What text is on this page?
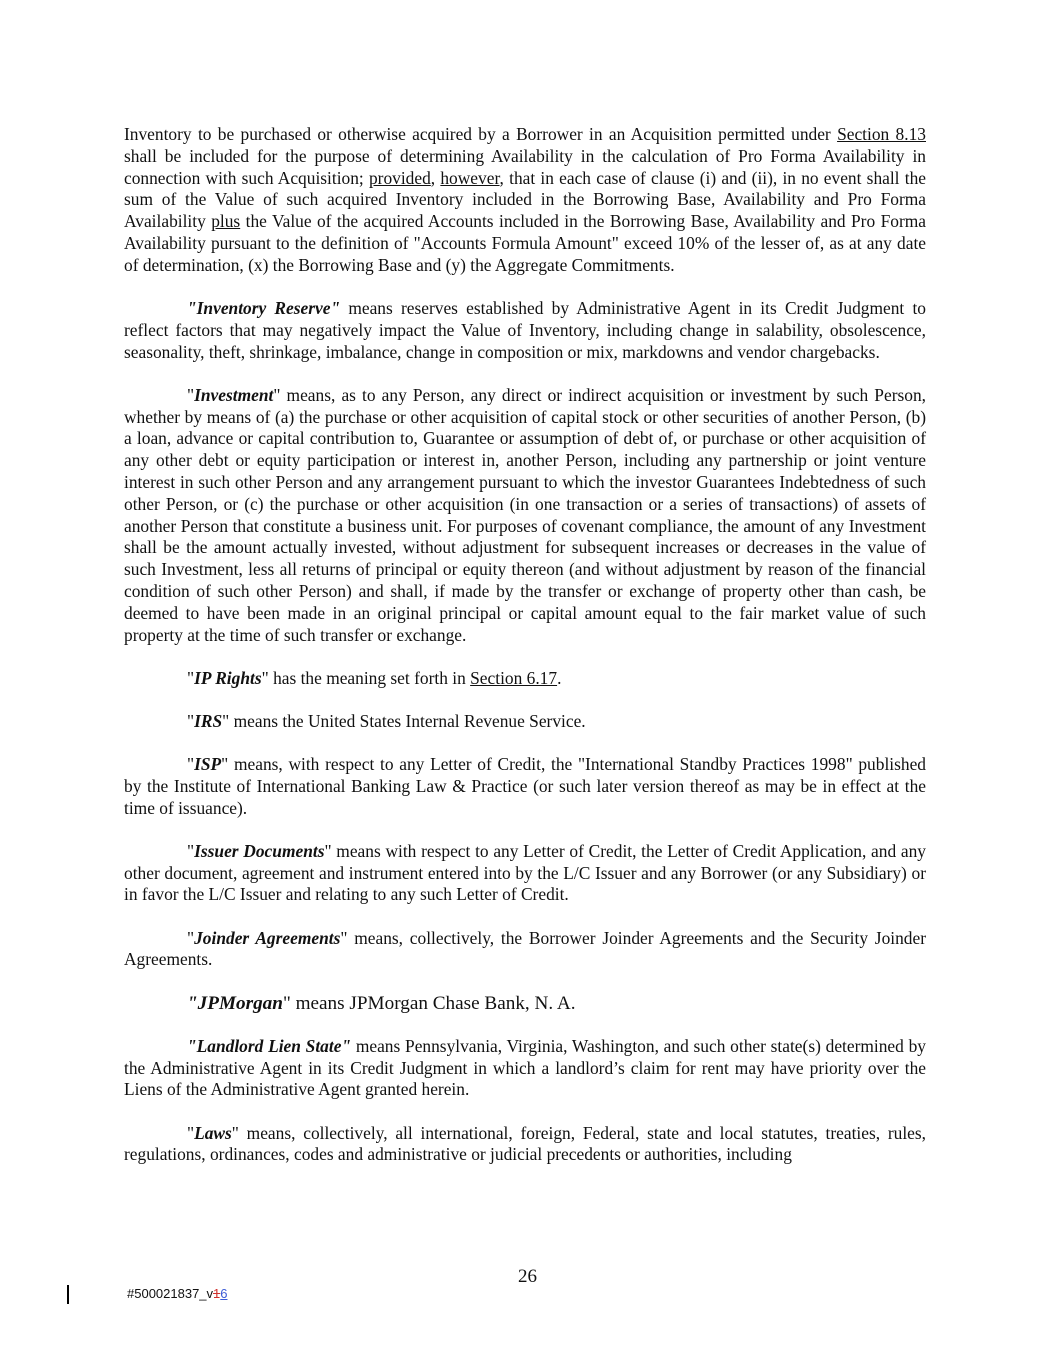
Inventory to be purchased or otherwise acquired by a Borrower in an Acquisition permitted under Section 8.13 shall be included for the purpose of determining Availability in the calculation of Pro Forma Availability in connection with such Acquisition; provided, however, that in each case of clause (i) and (ii), in no event shall the sum of the Value of such acquired Inventory included in the Borrowing Base, Availability and Pro Forma Availability plus the Value of the acquired Accounts included in the Borrowing Base, Availability and Pro Forma Availability pursuant to the definition of "Accounts Formula Amount" exceed 10% of the lesser of, as at any date of determination, (x) the Borrowing Base and (y) the Aggregate Commitments.

"Inventory Reserve" means reserves established by Administrative Agent in its Credit Judgment to reflect factors that may negatively impact the Value of Inventory, including change in salability, obsolescence, seasonality, theft, shrinkage, imbalance, change in composition or mix, markdowns and vendor chargebacks.

"Investment" means, as to any Person, any direct or indirect acquisition or investment by such Person, whether by means of (a) the purchase or other acquisition of capital stock or other securities of another Person, (b) a loan, advance or capital contribution to, Guarantee or assumption of debt of, or purchase or other acquisition of any other debt or equity participation or interest in, another Person, including any partnership or joint venture interest in such other Person and any arrangement pursuant to which the investor Guarantees Indebtedness of such other Person, or (c) the purchase or other acquisition (in one transaction or a series of transactions) of assets of another Person that constitute a business unit. For purposes of covenant compliance, the amount of any Investment shall be the amount actually invested, without adjustment for subsequent increases or decreases in the value of such Investment, less all returns of principal or equity thereon (and without adjustment by reason of the financial condition of such other Person) and shall, if made by the transfer or exchange of property other than cash, be deemed to have been made in an original principal or capital amount equal to the fair market value of such property at the time of such transfer or exchange.

"IP Rights" has the meaning set forth in Section 6.17.

"IRS" means the United States Internal Revenue Service.

"ISP" means, with respect to any Letter of Credit, the "International Standby Practices 1998" published by the Institute of International Banking Law & Practice (or such later version thereof as may be in effect at the time of issuance).

"Issuer Documents" means with respect to any Letter of Credit, the Letter of Credit Application, and any other document, agreement and instrument entered into by the L/C Issuer and any Borrower (or any Subsidiary) or in favor the L/C Issuer and relating to any such Letter of Credit.

"Joinder Agreements" means, collectively, the Borrower Joinder Agreements and the Security Joinder Agreements.

"JPMorgan" means JPMorgan Chase Bank, N. A.

"Landlord Lien State" means Pennsylvania, Virginia, Washington, and such other state(s) determined by the Administrative Agent in its Credit Judgment in which a landlord’s claim for rent may have priority over the Liens of the Administrative Agent granted herein.

"Laws" means, collectively, all international, foreign, Federal, state and local statutes, treaties, rules, regulations, ordinances, codes and administrative or judicial precedents or authorities, including

26
#500021837_v16
